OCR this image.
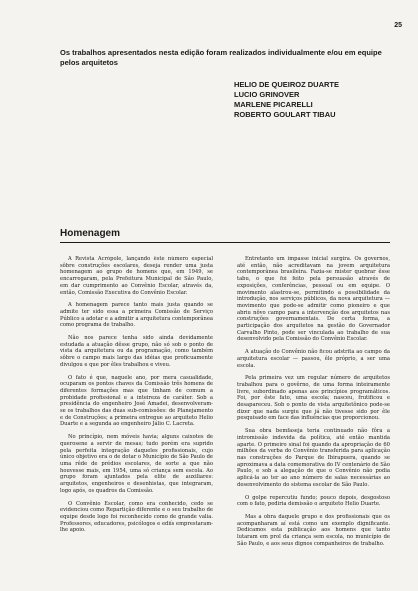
25
Os trabalhos apresentados nesta edição foram realizados individualmente e/ou em equipe pelos arquitetos
HELIO DE QUEIROZ DUARTE
LUCIO GRINOVER
MARLENE PICARELLI
ROBERTO GOULART TIBAU
Homenagem

A Revista Acrópole, lançando êste número especial sôbre construções escolares, deseja render uma justa homenagem ao grupo de homens que, em 1949, se encarregaram, pela Prefeitura Municipal de São Paulo, em dar cumprimento ao Convênio Escolar, através da, então, Comissão Executiva do Convênio Escolar.

A homenagem parece tanto mais justa quando se admite ter sido essa a primeira Comissão de Serviço Público a adotar e a admitir a arquitetura contemporânea como programa de trabalho.

Não nos parece tenha sido ainda devidamente estudada a atuação dêsse grupo, não só sob o ponto de vista da arquitetura ou da programação, como também sôbre o campo mais largo das idéias que proficuamente divulgou e que por êles trabalhou e viveu.

O fato é que, naquele ano, por mera casualidade, ocuparam os pontos chaves da Comissão três homens de diferentes formações mas que tinham de comum a probidade profissional e a inteireza de caráter. Sob a presidência do engenheiro José Amadei, desenvolveram-se os trabalhos das duas sub-comissões: de Planejamento e de Construções; a primeira entregue ao arquiteto Helio Duarte e a segunda ao engenheiro Jálio C. Lacreta.

No princípio, nem móveis havia; alguns caixotes de querosene a servir de mesas; tudo porém era suprido pela perfeita integração daqueles profissionais, cujo único objetivo era o de dotar o Município de São Paulo de uma rêde de prédios escolares, de sorte a que não houvesse mais, em 1954, uma só criança sem escola. Ao grupo foram ajuntados pela elite de auxiliares: arquitetos, engenheiros e desenhistas, que integraram, logo após, os quadros da Comissão.

O Convênio Escolar, como era conhecido, cedo se evidenciou como Repartição diferente e o seu trabalho de equipe desde logo foi reconhecido como de grande valia. Professores, educadores, psicólogos e ediís emprestaram-lhe apoio.

Entretanto um impasse inicial surgira. Os governos, até então, não acreditavam na jovem arquitetura contemporânea brasileira. Fazia-se mister quebrar êsse tabu, o que foi feito pela persuasão através de exposições, conferências, pessoal ou em equipe. O movimento alastrou-se, permitindo a possibilidade da introdução, nos serviços públicos, da nova arquitetura — movimento que pode-se admitir como pioneiro e que abriu nôvo campo para a intervenção dos arquitetos nas construções governamentais. De certa forma, a participação dos arquitetos na gestão do Governador Carvalho Pinto, pode ser vinculada ao trabalho de sua desenvolvido pela Comissão do Convênio Escolar.

A atuação do Convênio não ficou adstrita ao campo da arquitetura escolar — passou, êle próprio, a ser uma escola.

Pela primeira vez um regular número de arquitetos trabalhou para o govêrno, de uma forma inteiramente livre, subordinado apenas aos princípios programáticos. Foi, por êste fato, uma escola; nasceu, frutificou e desapareceu. Sob o ponto de vista arquitetônico pode-se dizer que nada surgiu que já não tivesse sido por êle pesquisado em face das influências que proporcionou.

Sua obra bemfaseja teria continuado não fôra a intromissão indevida da política, até então mantida aparte. O primeiro sinal foi quando da apropriação de 60 milhões da verba do Convênio transferida para aplicação nas construções do Parque de Ibirapuera, quando se aproximava a data comemorativa do IV centenário de São Paulo, e sob a alegação de que o Convênio não podia aplicá-la ao ter ao ano número de salas necessárias ao desenvolvimento do sistema escolar de São Paulo.

O golpe repercutiu fundo; pouco depois, desgostoso com o fato, pediria demissão o arquiteto Helio Duarte.

Mas a obra daquele grupo e dos profissionais que os acompanharam aí está como um exemplo dignificante. Dedicamos esta publicação aos homens que tanto lutaram em prol da criança sem escola, no município de São Paulo, e aos seus dignos companheiros de trabalho.
